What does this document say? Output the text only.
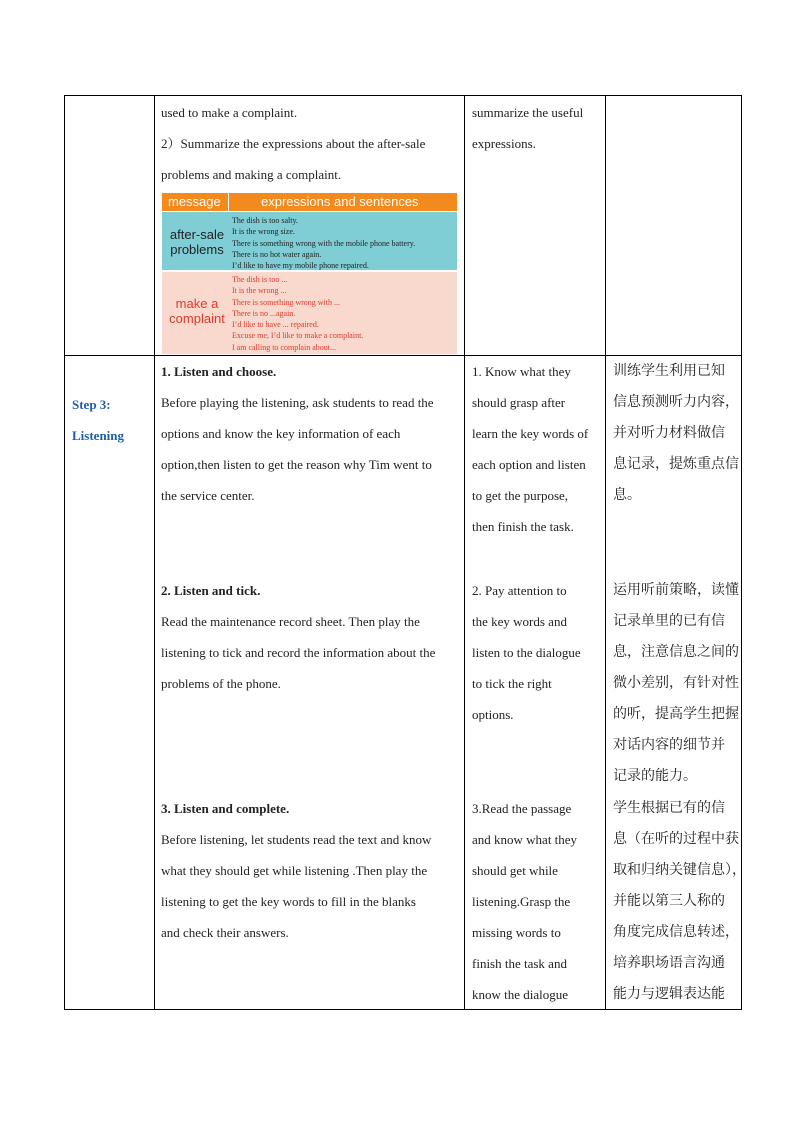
used to make a complaint.
2）Summarize the expressions about the after-sale
problems and making a complaint.
message	expressions and sentences
after-sale
problems
The dish is too salty.
It is the wrong size.
There is something wrong with the mobile phone battery.
There is no hot water again.
I’d like to have my mobile phone repaired.
make a
complaint
The dish is too ...
It is the wrong ...
There is something wrong with ...
There is no ...again.
I’d like to have ... repaired.
Excuse me, I’d like to make a complaint.
I am calling to complain about...
summarize the useful
expressions.
Step 3:
Listening
1. Listen and choose.
Before playing the listening, ask students to read the
options and know the key information of each
option,then listen to get the reason why Tim went to
the service center.
1. Know what they
should grasp after
learn the key words of
each option and listen
to get the purpose,
then finish the task.
训练学生利用已知
信息预测听力内容，
并对听力材料做信
息记录，提炼重点信
息。
2. Listen and tick.
Read the maintenance record sheet. Then play the
listening to tick and record the information about the
problems of the phone.
2. Pay attention to
the key words and
listen to the dialogue
to tick the right
options.
运用听前策略，读懂
记录单里的已有信
息，注意信息之间的
微小差别，有针对性
的听，提高学生把握
对话内容的细节并
记录的能力。
3. Listen and complete.
Before listening, let students read the text and know
what they should get while listening .Then play the
listening to get the key words to fill in the blanks
and check their answers.
3.Read the passage
and know what they
should get while
listening.Grasp the
missing words to
finish the task and
know the dialogue
学生根据已有的信
息（在听的过程中获
取和归纳关键信息），
并能以第三人称的
角度完成信息转述，
培养职场语言沟通
能力与逻辑表达能
